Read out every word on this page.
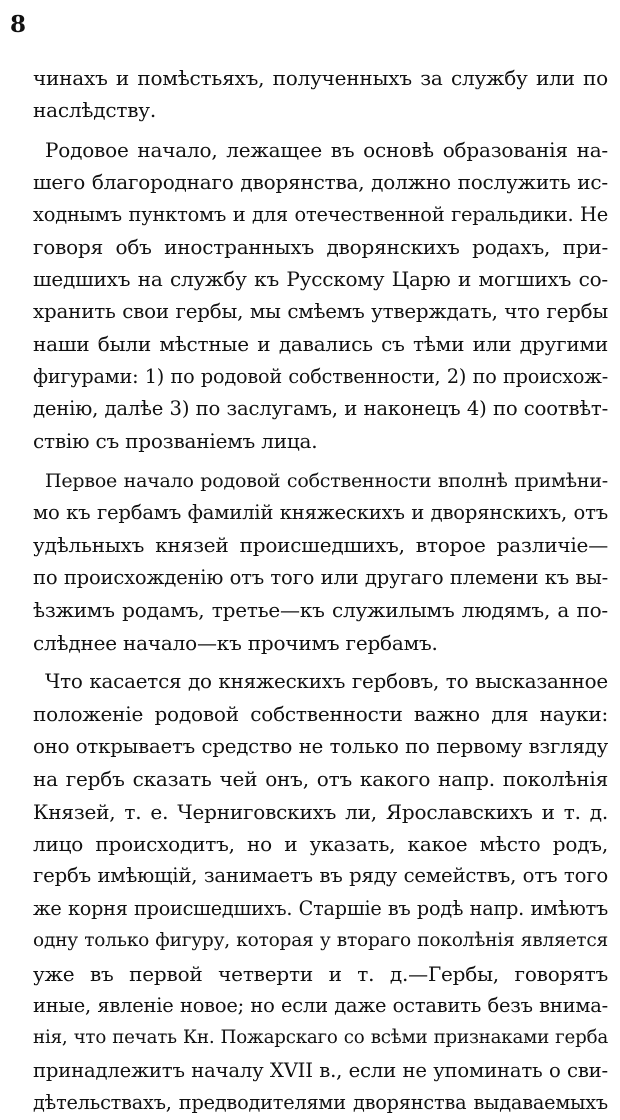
8
чинахъ и помѣстьяхъ, полученныхъ за службу или по
наслѣдству.
Родовое начало, лежащее въ основѣ образованія на-
шего благороднаго дворянства, должно послужить ис-
ходнымъ пунктомъ и для отечественной геральдики. Не
говоря объ иностранныхъ дворянскихъ родахъ, при-
шедшихъ на службу къ Русскому Царю и могшихъ со-
хранить свои гербы, мы смѣемъ утверждать, что гербы
наши были мѣстные и давались съ тѣми или другими
фигурами: 1) по родовой собственности, 2) по происхож-
денію, далѣе 3) по заслугамъ, и наконецъ 4) по соотвѣт-
ствію съ прозваніемъ лица.
Первое начало родовой собственности вполнѣ примѣни-
мо къ гербамъ фамилій княжескихъ и дворянскихъ, отъ
удѣльныхъ князей происшедшихъ, второе различіе—
по происхожденію отъ того или другаго племени къ вы-
ѣзжимъ родамъ, третье—къ служилымъ людямъ, а по-
слѣднее начало—къ прочимъ гербамъ.
Что касается до княжескихъ гербовъ, то высказанное
положеніе родовой собственности важно для науки:
оно открываетъ средство не только по первому взгляду
на гербъ сказать чей онъ, отъ какого напр. поколѣнія
Князей, т. е. Черниговскихъ ли, Ярославскихъ и т. д.
лицо происходитъ, но и указать, какое мѣсто родъ,
гербъ имѣющій, занимаетъ въ ряду семействъ, отъ того
же корня происшедшихъ. Старшіе въ родѣ напр. имѣютъ
одну только фигуру, которая у втораго поколѣнія является
уже въ первой четверти и т. д.—Гербы, говорятъ
иные, явленіе новое; но если даже оставить безъ внима-
нія, что печать Кн. Пожарскаго со всѣми признаками герба
принадлежитъ началу XVII в., если не упоминать о сви-
дѣтельствахъ, предводителями дворянства выдаваемыхъ
